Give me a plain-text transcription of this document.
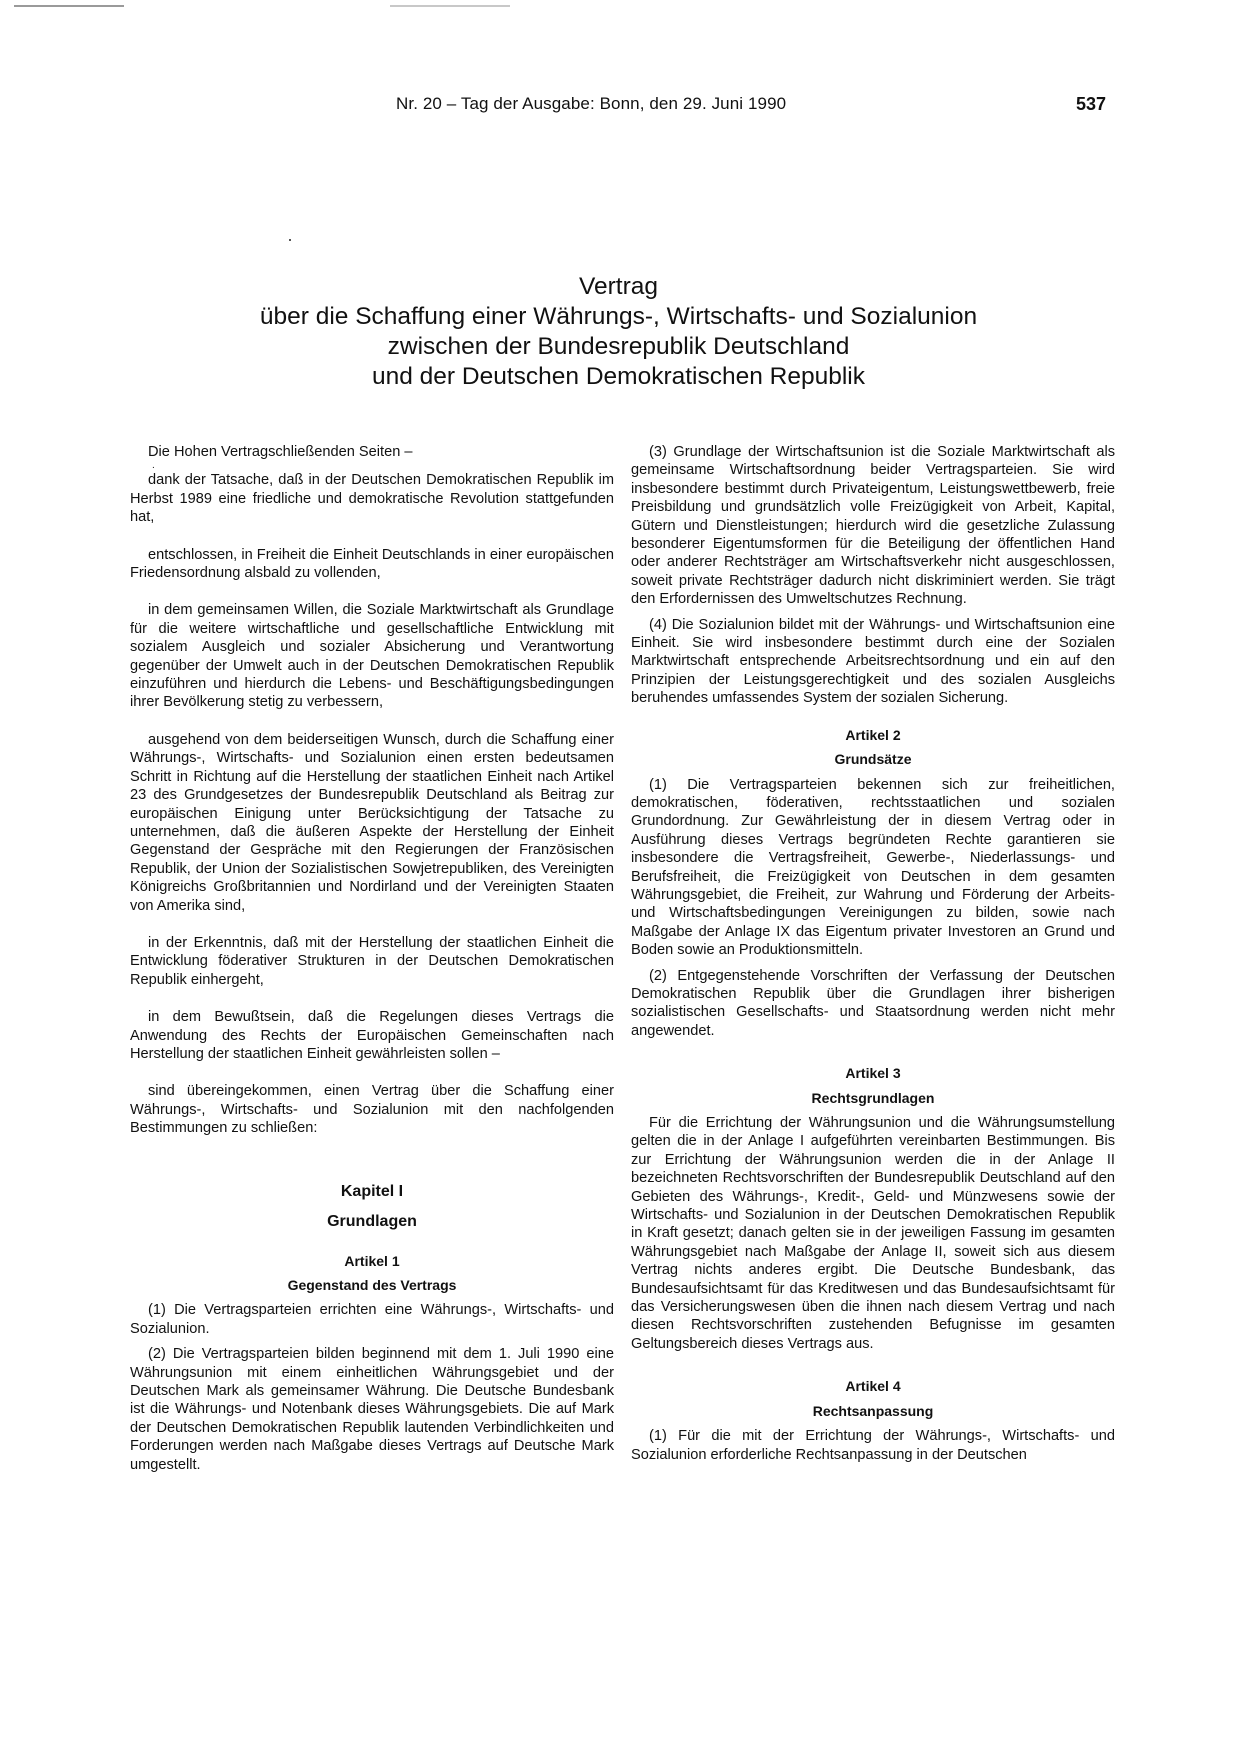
Nr. 20 – Tag der Ausgabe: Bonn, den 29. Juni 1990	537
Vertrag
über die Schaffung einer Währungs-, Wirtschafts- und Sozialunion
zwischen der Bundesrepublik Deutschland
und der Deutschen Demokratischen Republik

Die Hohen Vertragschließenden Seiten –

.

dank der Tatsache, daß in der Deutschen Demokratischen Republik im Herbst 1989 eine friedliche und demokratische Revolution stattgefunden hat,

entschlossen, in Freiheit die Einheit Deutschlands in einer europäischen Friedensordnung alsbald zu vollenden,

in dem gemeinsamen Willen, die Soziale Marktwirtschaft als Grundlage für die weitere wirtschaftliche und gesellschaftliche Entwicklung mit sozialem Ausgleich und sozialer Absicherung und Verantwortung gegenüber der Umwelt auch in der Deutschen Demokratischen Republik einzuführen und hierdurch die Lebens- und Beschäftigungsbedingungen ihrer Bevölkerung stetig zu verbessern,

ausgehend von dem beiderseitigen Wunsch, durch die Schaffung einer Währungs-, Wirtschafts- und Sozialunion einen ersten bedeutsamen Schritt in Richtung auf die Herstellung der staatlichen Einheit nach Artikel 23 des Grundgesetzes der Bundesrepublik Deutschland als Beitrag zur europäischen Einigung unter Berücksichtigung der Tatsache zu unternehmen, daß die äußeren Aspekte der Herstellung der Einheit Gegenstand der Gespräche mit den Regierungen der Französischen Republik, der Union der Sozialistischen Sowjetrepubliken, des Vereinigten Königreichs Großbritannien und Nordirland und der Vereinigten Staaten von Amerika sind,

in der Erkenntnis, daß mit der Herstellung der staatlichen Einheit die Entwicklung föderativer Strukturen in der Deutschen Demokratischen Republik einhergeht,

in dem Bewußtsein, daß die Regelungen dieses Vertrags die Anwendung des Rechts der Europäischen Gemeinschaften nach Herstellung der staatlichen Einheit gewährleisten sollen –

sind übereingekommen, einen Vertrag über die Schaffung einer Währungs-, Wirtschafts- und Sozialunion mit den nachfolgenden Bestimmungen zu schließen:

Kapitel I

Grundlagen

Artikel 1

Gegenstand des Vertrags

(1) Die Vertragsparteien errichten eine Währungs-, Wirtschafts- und Sozialunion.

(2) Die Vertragsparteien bilden beginnend mit dem 1. Juli 1990 eine Währungsunion mit einem einheitlichen Währungsgebiet und der Deutschen Mark als gemeinsamer Währung. Die Deutsche Bundesbank ist die Währungs- und Notenbank dieses Währungsgebiets. Die auf Mark der Deutschen Demokratischen Republik lautenden Verbindlichkeiten und Forderungen werden nach Maßgabe dieses Vertrags auf Deutsche Mark umgestellt.

(3) Grundlage der Wirtschaftsunion ist die Soziale Marktwirtschaft als gemeinsame Wirtschaftsordnung beider Vertragsparteien. Sie wird insbesondere bestimmt durch Privateigentum, Leistungswettbewerb, freie Preisbildung und grundsätzlich volle Freizügigkeit von Arbeit, Kapital, Gütern und Dienstleistungen; hierdurch wird die gesetzliche Zulassung besonderer Eigentumsformen für die Beteiligung der öffentlichen Hand oder anderer Rechtsträger am Wirtschaftsverkehr nicht ausgeschlossen, soweit private Rechtsträger dadurch nicht diskriminiert werden. Sie trägt den Erfordernissen des Umweltschutzes Rechnung.

(4) Die Sozialunion bildet mit der Währungs- und Wirtschaftsunion eine Einheit. Sie wird insbesondere bestimmt durch eine der Sozialen Marktwirtschaft entsprechende Arbeitsrechtsordnung und ein auf den Prinzipien der Leistungsgerechtigkeit und des sozialen Ausgleichs beruhendes umfassendes System der sozialen Sicherung.

Artikel 2

Grundsätze

(1) Die Vertragsparteien bekennen sich zur freiheitlichen, demokratischen, föderativen, rechtsstaatlichen und sozialen Grundordnung. Zur Gewährleistung der in diesem Vertrag oder in Ausführung dieses Vertrags begründeten Rechte garantieren sie insbesondere die Vertragsfreiheit, Gewerbe-, Niederlassungs- und Berufsfreiheit, die Freizügigkeit von Deutschen in dem gesamten Währungsgebiet, die Freiheit, zur Wahrung und Förderung der Arbeits- und Wirtschaftsbedingungen Vereinigungen zu bilden, sowie nach Maßgabe der Anlage IX das Eigentum privater Investoren an Grund und Boden sowie an Produktionsmitteln.

(2) Entgegenstehende Vorschriften der Verfassung der Deutschen Demokratischen Republik über die Grundlagen ihrer bisherigen sozialistischen Gesellschafts- und Staatsordnung werden nicht mehr angewendet.

Artikel 3

Rechtsgrundlagen

Für die Errichtung der Währungsunion und die Währungsumstellung gelten die in der Anlage I aufgeführten vereinbarten Bestimmungen. Bis zur Errichtung der Währungsunion werden die in der Anlage II bezeichneten Rechtsvorschriften der Bundesrepublik Deutschland auf den Gebieten des Währungs-, Kredit-, Geld- und Münzwesens sowie der Wirtschafts- und Sozialunion in der Deutschen Demokratischen Republik in Kraft gesetzt; danach gelten sie in der jeweiligen Fassung im gesamten Währungsgebiet nach Maßgabe der Anlage II, soweit sich aus diesem Vertrag nichts anderes ergibt. Die Deutsche Bundesbank, das Bundesaufsichtsamt für das Kreditwesen und das Bundesaufsichtsamt für das Versicherungswesen üben die ihnen nach diesem Vertrag und nach diesen Rechtsvorschriften zustehenden Befugnisse im gesamten Geltungsbereich dieses Vertrags aus.

Artikel 4

Rechtsanpassung

(1) Für die mit der Errichtung der Währungs-, Wirtschafts- und Sozialunion erforderliche Rechtsanpassung in der Deutschen
